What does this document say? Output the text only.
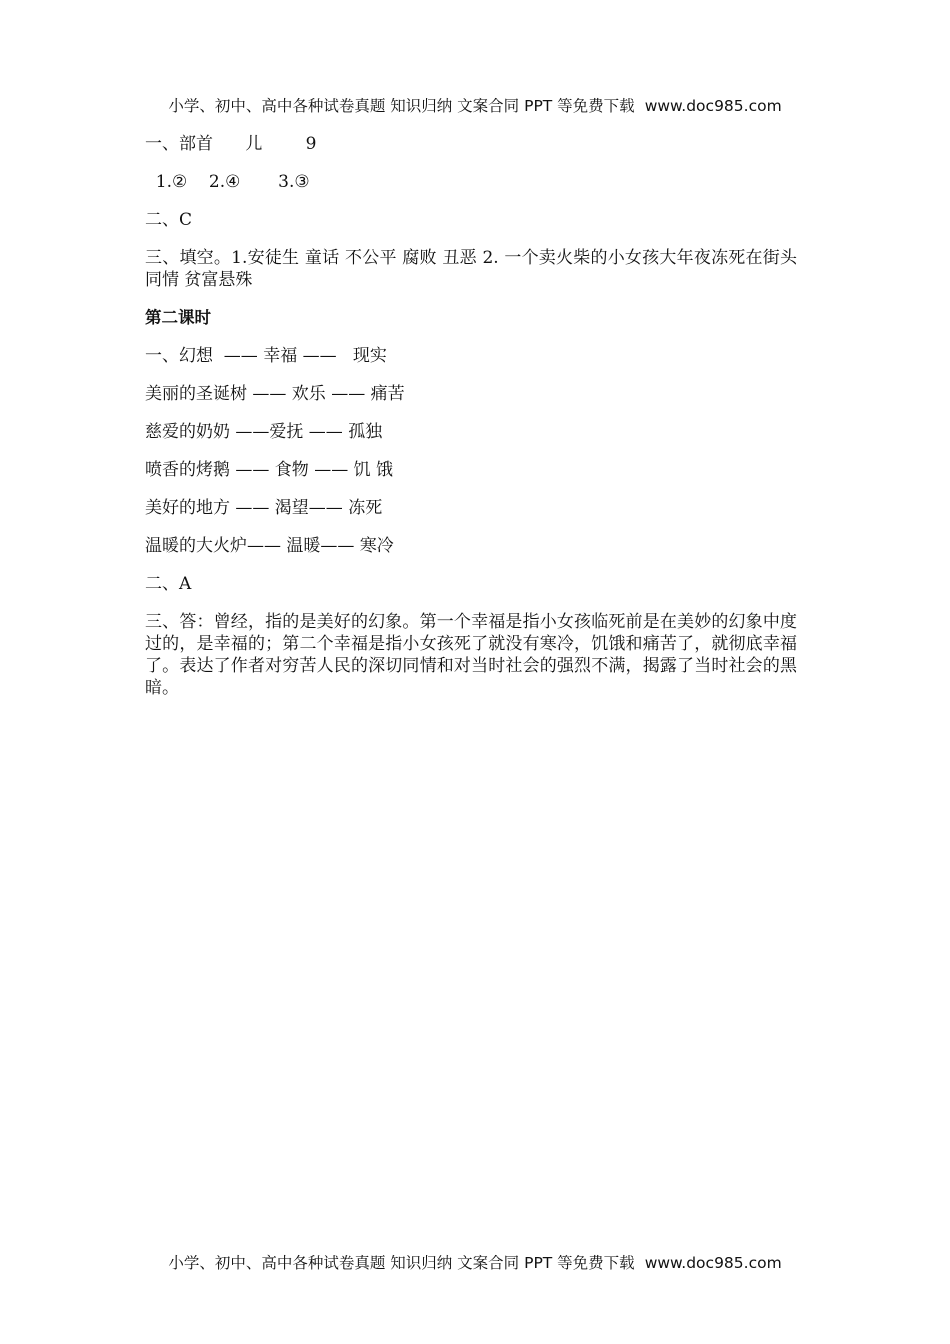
小学、初中、高中各种试卷真题 知识归纳 文案合同 PPT 等免费下载 www.doc985.com
一、部首      儿        9
1.②    2.④       3.③
二、C
三、填空。1.安徒生 童话 不公平 腐败 丑恶 2. 一个卖火柴的小女孩大年夜冻死在街头 同情 贫富悬殊
第二课时
一、幻想  —— 幸福 ——   现实
美丽的圣诞树 —— 欢乐 —— 痛苦
慈爱的奶奶 ——爱抚 —— 孤独
喷香的烤鹅 —— 食物 —— 饥 饿
美好的地方 —— 渴望—— 冻死
温暖的大火炉—— 温暖—— 寒冷
二、A
三、答：曾经，指的是美好的幻象。第一个幸福是指小女孩临死前是在美妙的幻象中度过的，是幸福的；第二个幸福是指小女孩死了就没有寒冷，饥饿和痛苦了，就彻底幸福了。表达了作者对穷苦人民的深切同情和对当时社会的强烈不满，揭露了当时社会的黑暗。
小学、初中、高中各种试卷真题 知识归纳 文案合同 PPT 等免费下载 www.doc985.com
